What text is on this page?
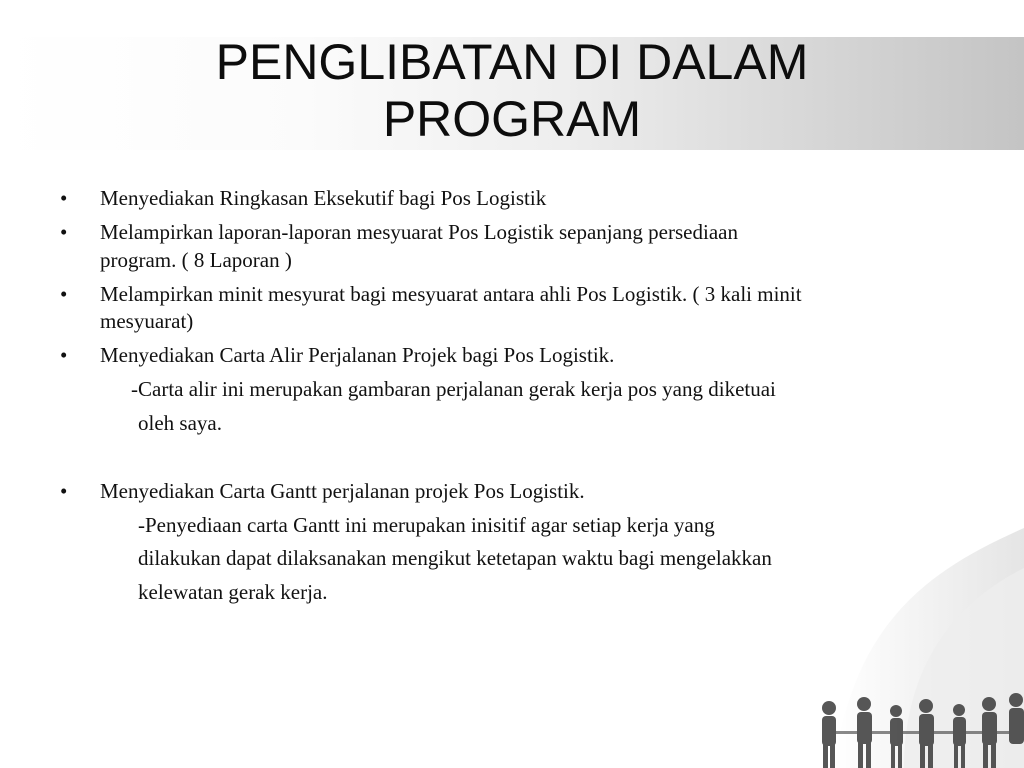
PENGLIBATAN DI DALAM
PROGRAM
• Menyediakan Ringkasan Eksekutif bagi Pos Logistik
• Melampirkan laporan-laporan mesyuarat Pos Logistik sepanjang persediaan
program. ( 8 Laporan )
• Melampirkan minit mesyurat bagi mesyuarat antara ahli Pos Logistik. ( 3 kali minit
mesyuarat)
• Menyediakan Carta Alir Perjalanan Projek bagi Pos Logistik.
-Carta alir ini merupakan gambaran perjalanan gerak kerja pos yang diketuai
oleh saya.
• Menyediakan Carta Gantt perjalanan projek Pos Logistik.
-Penyediaan carta Gantt ini merupakan inisitif agar setiap kerja yang
dilakukan dapat dilaksanakan mengikut ketetapan waktu bagi mengelakkan
kelewatan gerak kerja.
